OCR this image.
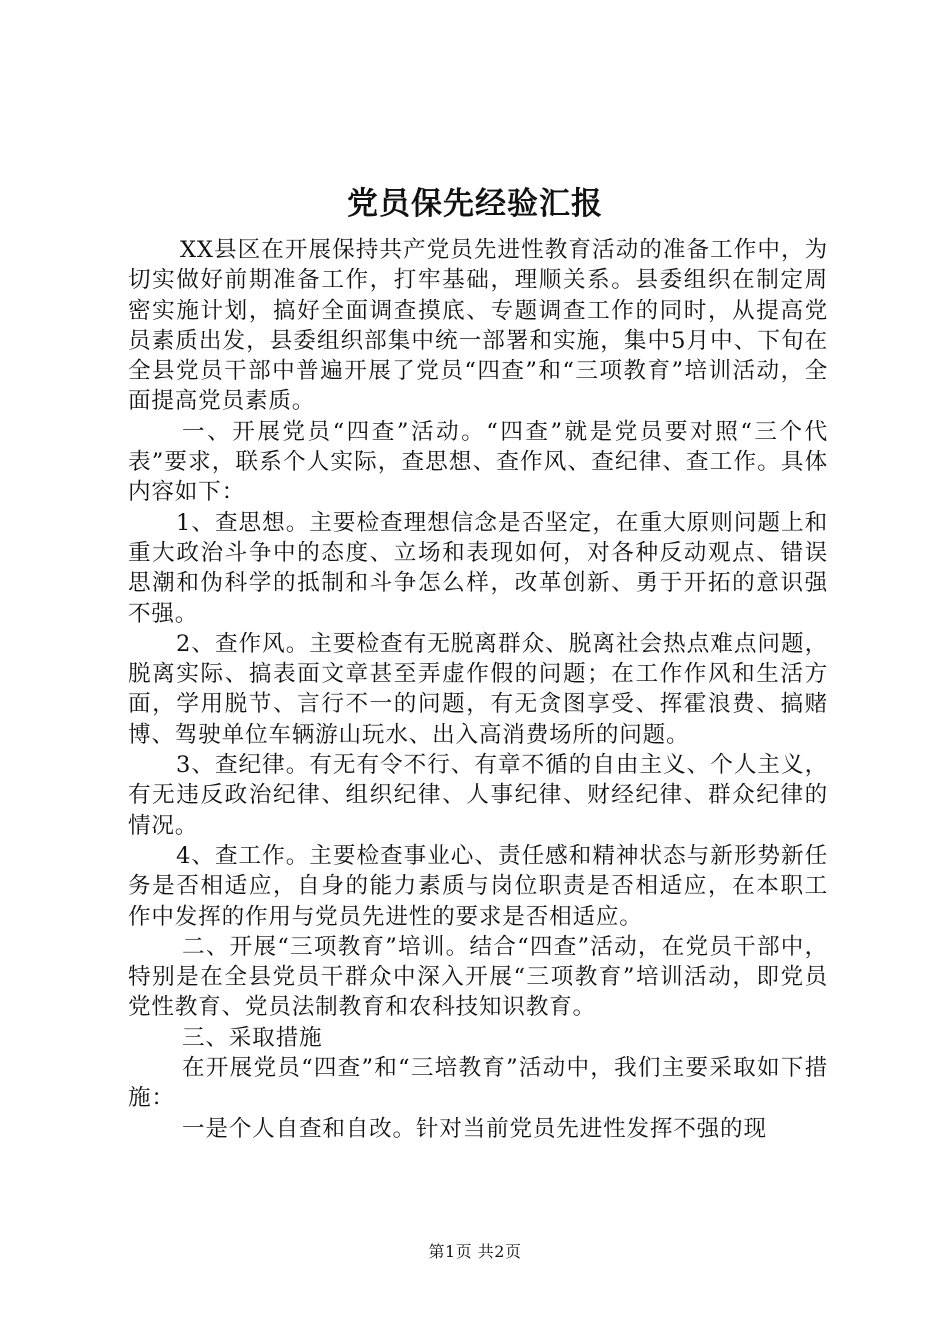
党员保先经验汇报

XX县区在开展保持共产党员先进性教育活动的准备工作中，为切实做好前期准备工作，打牢基础，理顺关系。县委组织在制定周密实施计划，搞好全面调查摸底、专题调查工作的同时，从提高党员素质出发，县委组织部集中统一部署和实施，集中5月中、下旬在全县党员干部中普遍开展了党员“四查”和“三项教育”培训活动，全面提高党员素质。

一、开展党员“四查”活动。“四查”就是党员要对照“三个代表”要求，联系个人实际，查思想、查作风、查纪律、查工作。具体内容如下：

1、查思想。主要检查理想信念是否坚定，在重大原则问题上和重大政治斗争中的态度、立场和表现如何，对各种反动观点、错误思潮和伪科学的抵制和斗争怎么样，改革创新、勇于开拓的意识强不强。

2、查作风。主要检查有无脱离群众、脱离社会热点难点问题，脱离实际、搞表面文章甚至弄虚作假的问题；在工作作风和生活方面，学用脱节、言行不一的问题，有无贪图享受、挥霍浪费、搞赌博、驾驶单位车辆游山玩水、出入高消费场所的问题。

3、查纪律。有无有令不行、有章不循的自由主义、个人主义，有无违反政治纪律、组织纪律、人事纪律、财经纪律、群众纪律的情况。

4、查工作。主要检查事业心、责任感和精神状态与新形势新任务是否相适应，自身的能力素质与岗位职责是否相适应，在本职工作中发挥的作用与党员先进性的要求是否相适应。

二、开展“三项教育”培训。结合“四查”活动，在党员干部中，特别是在全县党员干群众中深入开展“三项教育”培训活动，即党员党性教育、党员法制教育和农科技知识教育。

三、采取措施

在开展党员“四查”和“三培教育”活动中，我们主要采取如下措施：

一是个人自查和自改。针对当前党员先进性发挥不强的现

第1页 共2页
